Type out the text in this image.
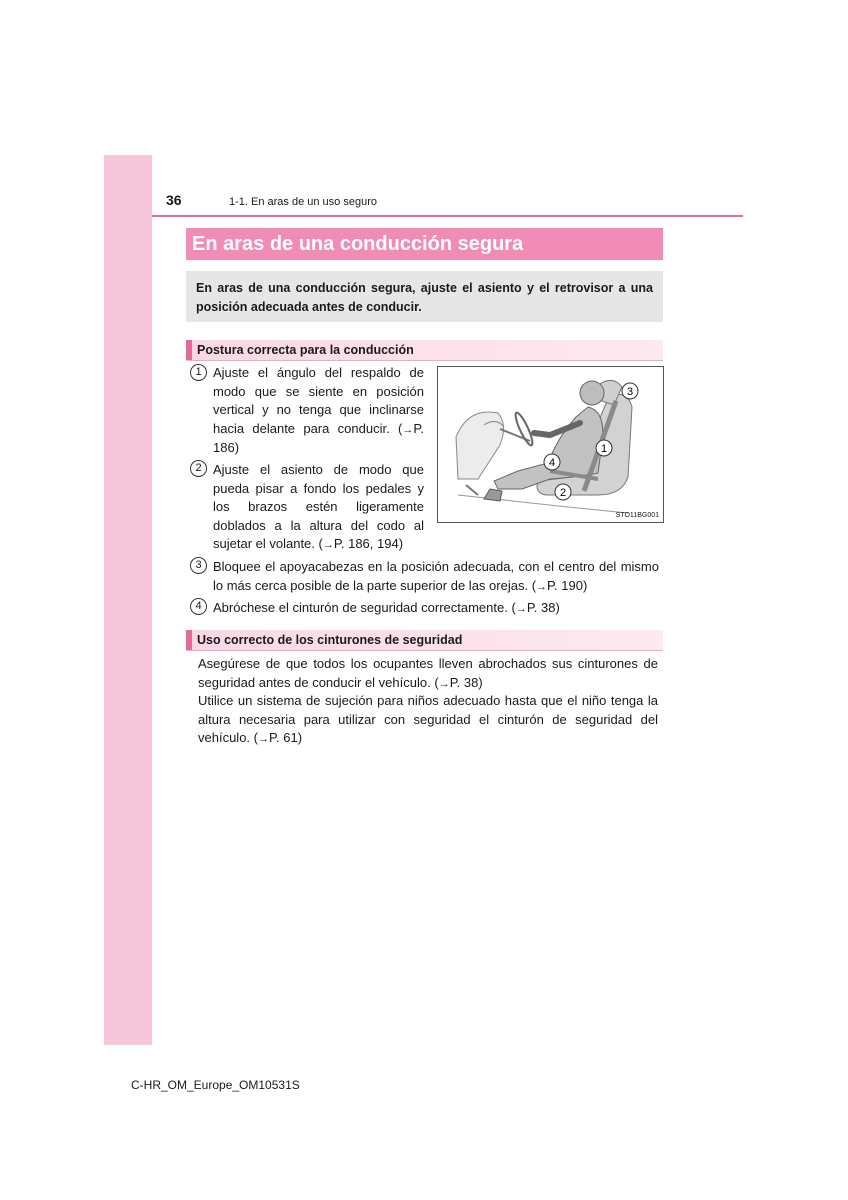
36	1-1. En aras de un uso seguro
En aras de una conducción segura
En aras de una conducción segura, ajuste el asiento y el retrovisor a una posición adecuada antes de conducir.
Postura correcta para la conducción
1 Ajuste el ángulo del respaldo de modo que se siente en posición vertical y no tenga que inclinarse hacia delante para conducir. (→P. 186)
2 Ajuste el asiento de modo que pueda pisar a fondo los pedales y los brazos estén ligeramente doblados a la altura del codo al sujetar el volante. (→P. 186, 194)
1
2
3
4
STO11BG001
3 Bloquee el apoyacabezas en la posición adecuada, con el centro del mismo lo más cerca posible de la parte superior de las orejas. (→P. 190)
4 Abróchese el cinturón de seguridad correctamente. (→P. 38)
Uso correcto de los cinturones de seguridad
Asegúrese de que todos los ocupantes lleven abrochados sus cinturones de seguridad antes de conducir el vehículo. (→P. 38)
Utilice un sistema de sujeción para niños adecuado hasta que el niño tenga la altura necesaria para utilizar con seguridad el cinturón de seguridad del vehículo. (→P. 61)
C-HR_OM_Europe_OM10531S
